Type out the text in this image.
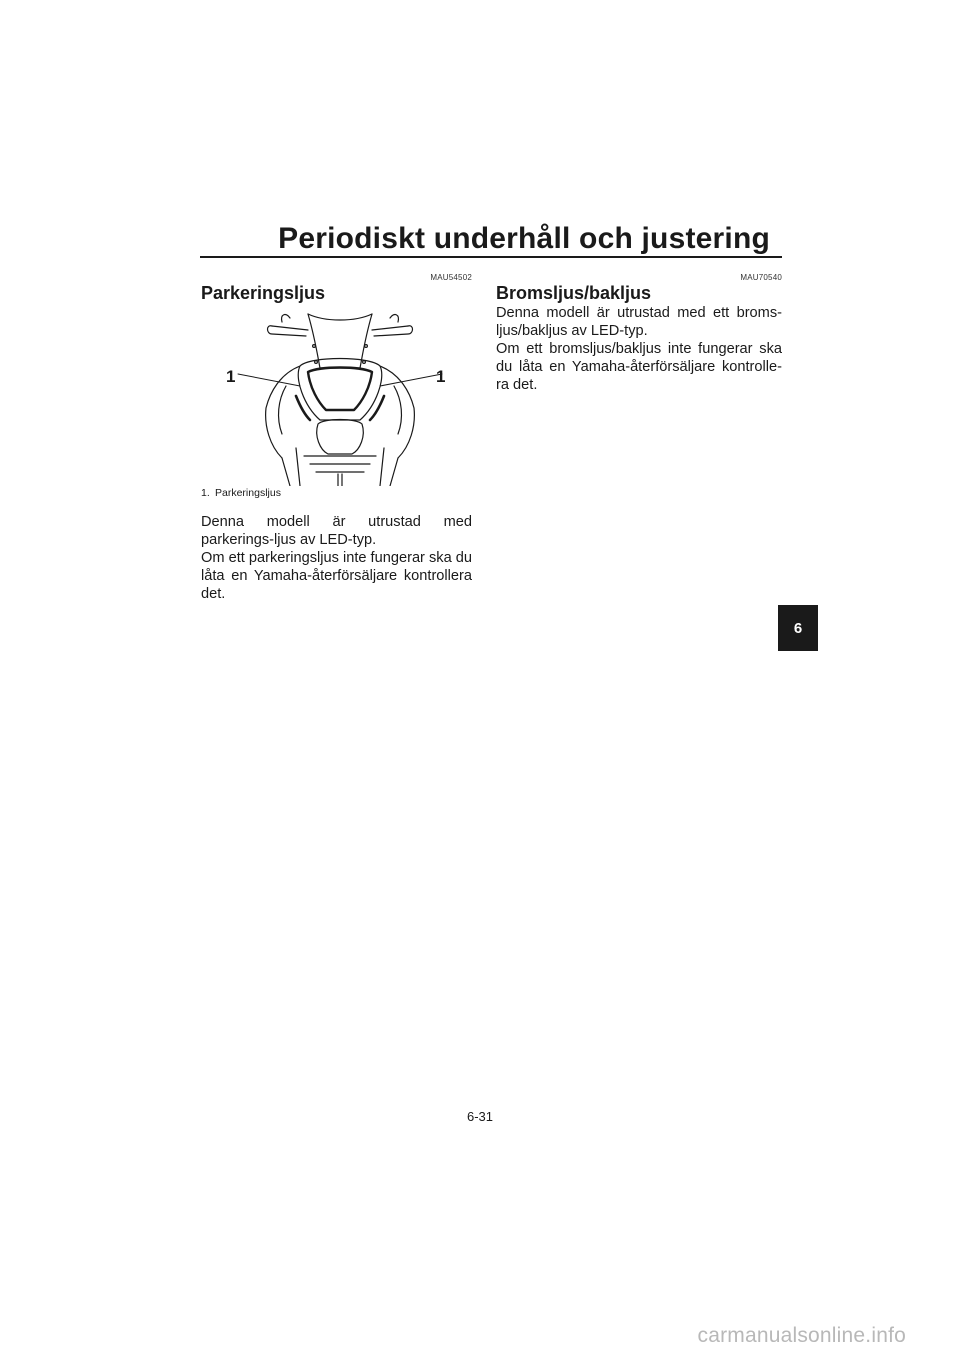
Periodiskt underhåll och justering
MAU54502
Parkeringsljus
1	1
1. Parkeringsljus

Denna modell är utrustad med parkerings-ljus av LED-typ.

Om ett parkeringsljus inte fungerar ska du låta en Yamaha-återförsäljare kontrollera det.

MAU70540
Bromsljus/bakljus

Denna modell är utrustad med ett broms-ljus/bakljus av LED-typ.

Om ett bromsljus/bakljus inte fungerar ska du låta en Yamaha-återförsäljare kontrolle-ra det.

6
6-31
carmanualsonline.info
